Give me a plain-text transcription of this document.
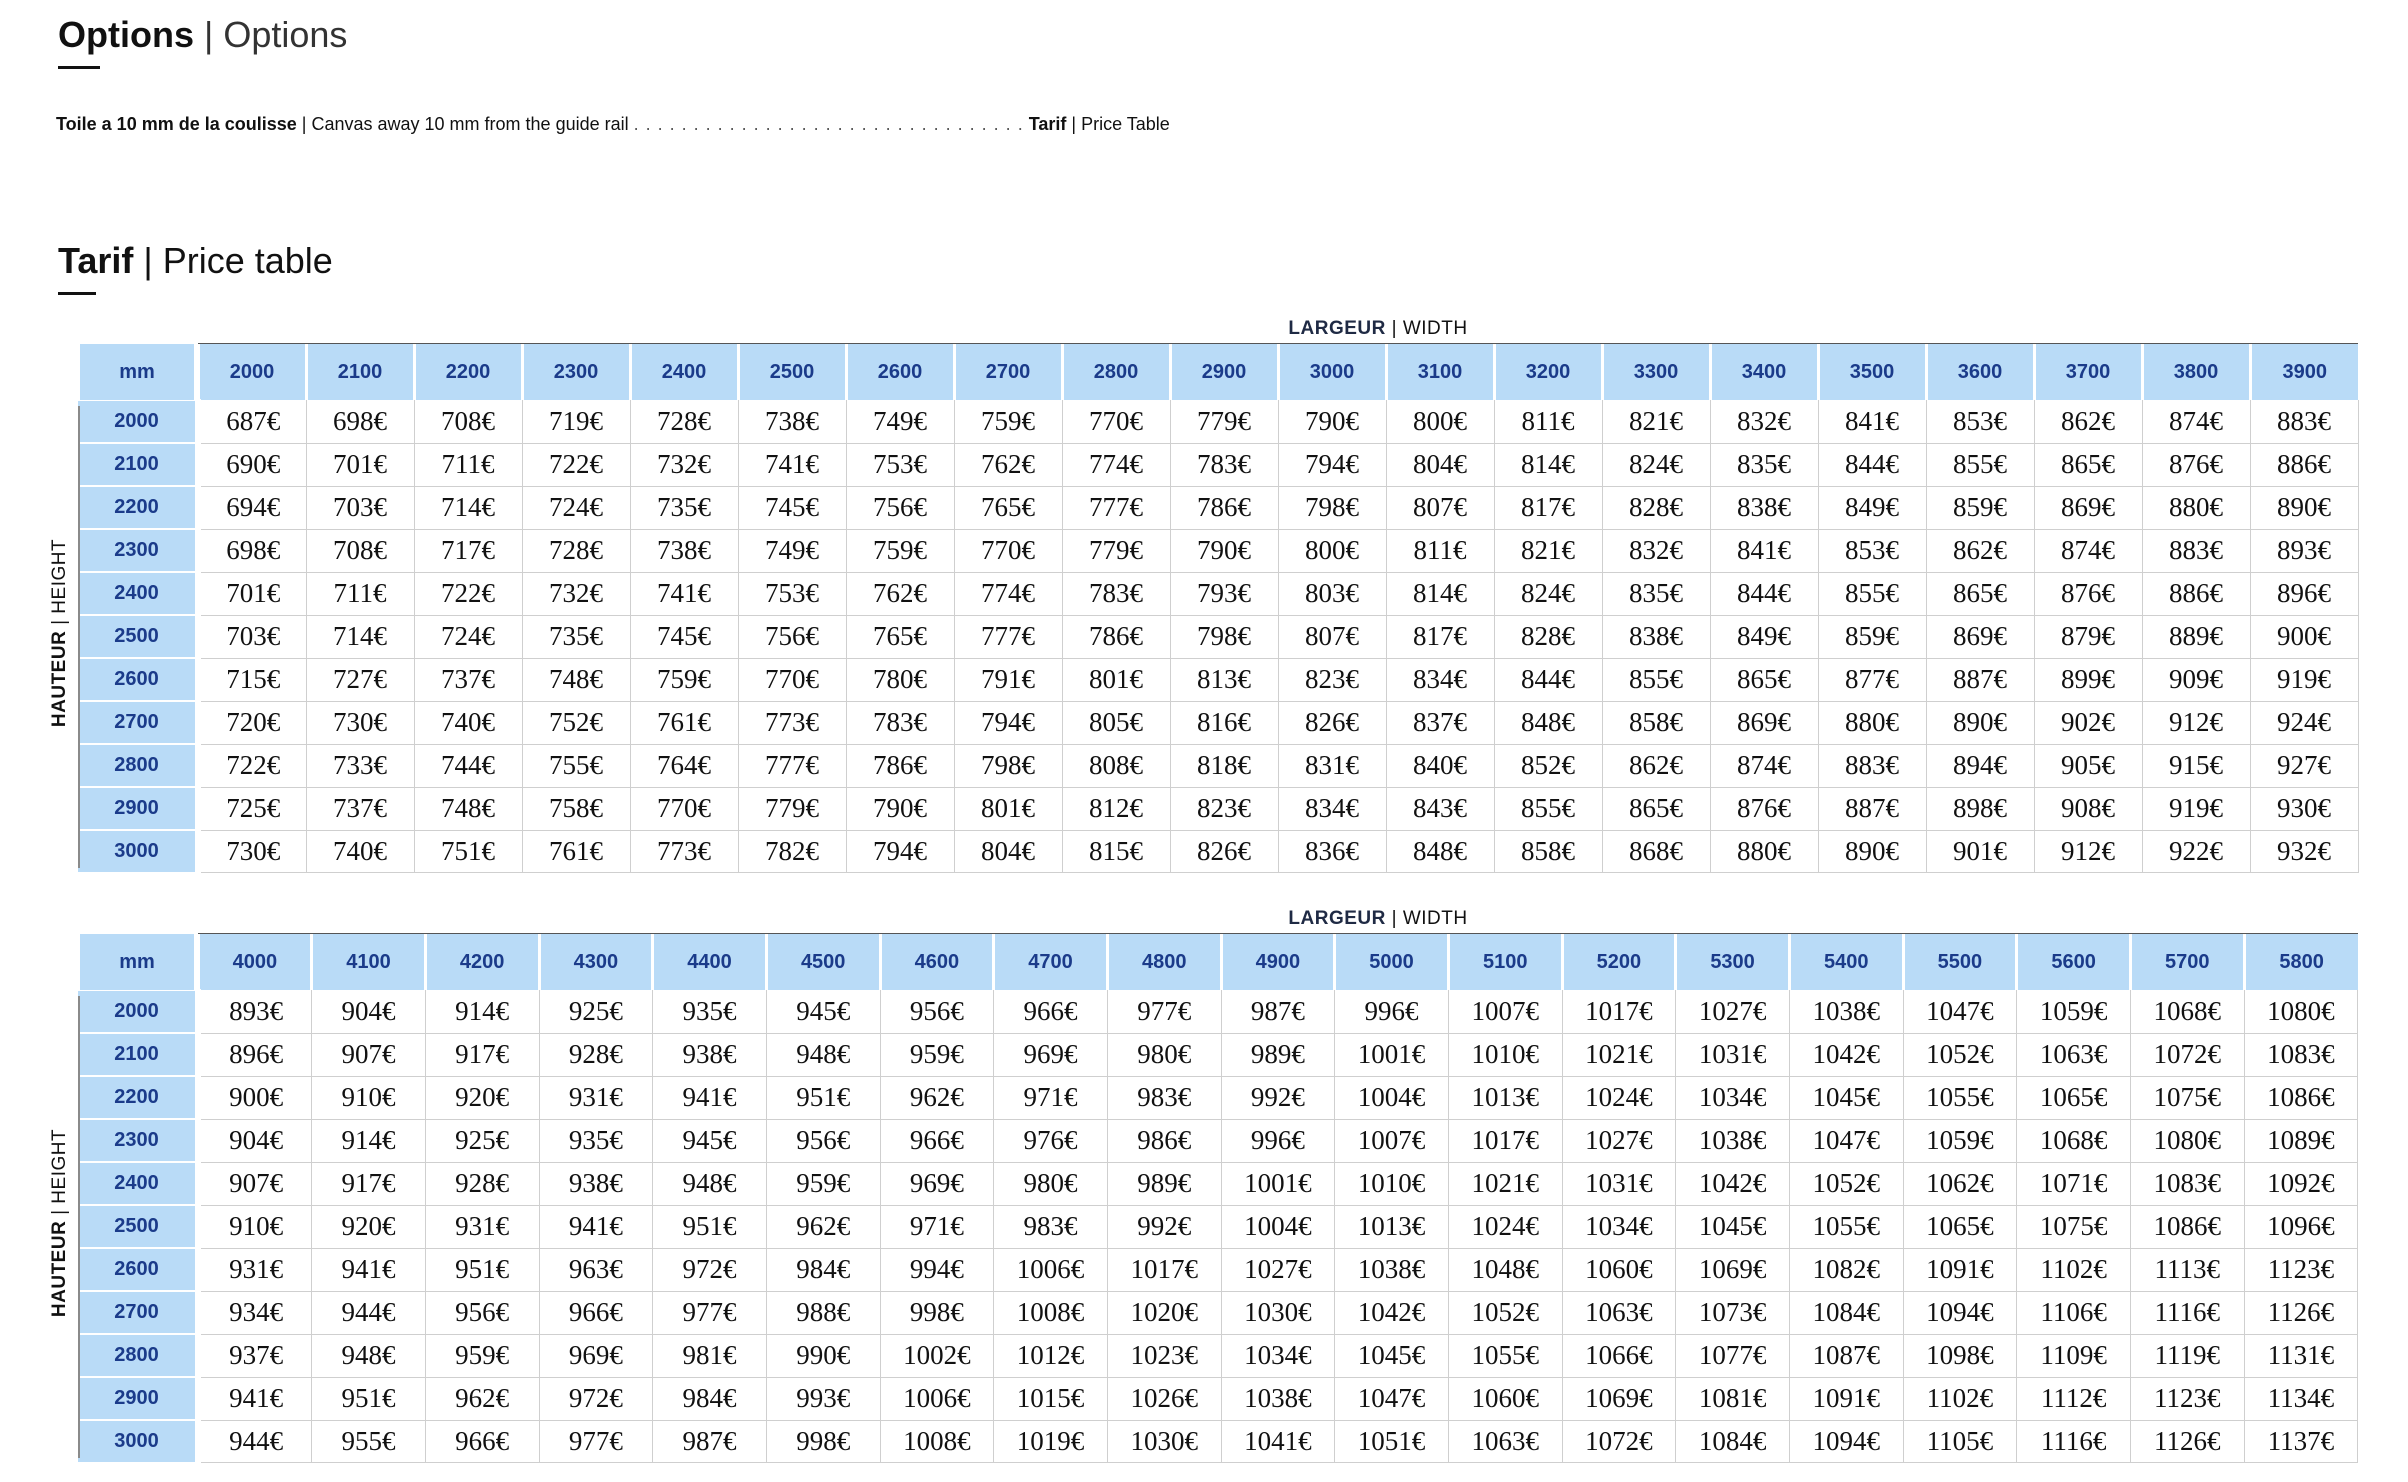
Options | Options
Toile a 10 mm de la coulisse | Canvas away 10 mm from the guide rail . . . . . . . . . . . . . . . . . . . . . . . . . . . . . . . . . Tarif | Price Table
Tarif | Price table
LARGEUR | WIDTH
HAUTEUR | HEIGHT
	2000	2100	2200	2300	2400	2500	2600	2700	2800	2900	3000	3100	3200	3300	3400	3500	3600	3700	3800	3900
2000	687€	698€	708€	719€	728€	738€	749€	759€	770€	779€	790€	800€	811€	821€	832€	841€	853€	862€	874€	883€
2100	690€	701€	711€	722€	732€	741€	753€	762€	774€	783€	794€	804€	814€	824€	835€	844€	855€	865€	876€	886€
2200	694€	703€	714€	724€	735€	745€	756€	765€	777€	786€	798€	807€	817€	828€	838€	849€	859€	869€	880€	890€
2300	698€	708€	717€	728€	738€	749€	759€	770€	779€	790€	800€	811€	821€	832€	841€	853€	862€	874€	883€	893€
2400	701€	711€	722€	732€	741€	753€	762€	774€	783€	793€	803€	814€	824€	835€	844€	855€	865€	876€	886€	896€
2500	703€	714€	724€	735€	745€	756€	765€	777€	786€	798€	807€	817€	828€	838€	849€	859€	869€	879€	889€	900€
2600	715€	727€	737€	748€	759€	770€	780€	791€	801€	813€	823€	834€	844€	855€	865€	877€	887€	899€	909€	919€
2700	720€	730€	740€	752€	761€	773€	783€	794€	805€	816€	826€	837€	848€	858€	869€	880€	890€	902€	912€	924€
2800	722€	733€	744€	755€	764€	777€	786€	798€	808€	818€	831€	840€	852€	862€	874€	883€	894€	905€	915€	927€
2900	725€	737€	748€	758€	770€	779€	790€	801€	812€	823€	834€	843€	855€	865€	876€	887€	898€	908€	919€	930€
3000	730€	740€	751€	761€	773€	782€	794€	804€	815€	826€	836€	848€	858€	868€	880€	890€	901€	912€	922€	932€
mm
LARGEUR | WIDTH
HAUTEUR | HEIGHT
	4000	4100	4200	4300	4400	4500	4600	4700	4800	4900	5000	5100	5200	5300	5400	5500	5600	5700	5800
2000	893€	904€	914€	925€	935€	945€	956€	966€	977€	987€	996€	1007€	1017€	1027€	1038€	1047€	1059€	1068€	1080€
2100	896€	907€	917€	928€	938€	948€	959€	969€	980€	989€	1001€	1010€	1021€	1031€	1042€	1052€	1063€	1072€	1083€
2200	900€	910€	920€	931€	941€	951€	962€	971€	983€	992€	1004€	1013€	1024€	1034€	1045€	1055€	1065€	1075€	1086€
2300	904€	914€	925€	935€	945€	956€	966€	976€	986€	996€	1007€	1017€	1027€	1038€	1047€	1059€	1068€	1080€	1089€
2400	907€	917€	928€	938€	948€	959€	969€	980€	989€	1001€	1010€	1021€	1031€	1042€	1052€	1062€	1071€	1083€	1092€
2500	910€	920€	931€	941€	951€	962€	971€	983€	992€	1004€	1013€	1024€	1034€	1045€	1055€	1065€	1075€	1086€	1096€
2600	931€	941€	951€	963€	972€	984€	994€	1006€	1017€	1027€	1038€	1048€	1060€	1069€	1082€	1091€	1102€	1113€	1123€
2700	934€	944€	956€	966€	977€	988€	998€	1008€	1020€	1030€	1042€	1052€	1063€	1073€	1084€	1094€	1106€	1116€	1126€
2800	937€	948€	959€	969€	981€	990€	1002€	1012€	1023€	1034€	1045€	1055€	1066€	1077€	1087€	1098€	1109€	1119€	1131€
2900	941€	951€	962€	972€	984€	993€	1006€	1015€	1026€	1038€	1047€	1060€	1069€	1081€	1091€	1102€	1112€	1123€	1134€
3000	944€	955€	966€	977€	987€	998€	1008€	1019€	1030€	1041€	1051€	1063€	1072€	1084€	1094€	1105€	1116€	1126€	1137€
mm
